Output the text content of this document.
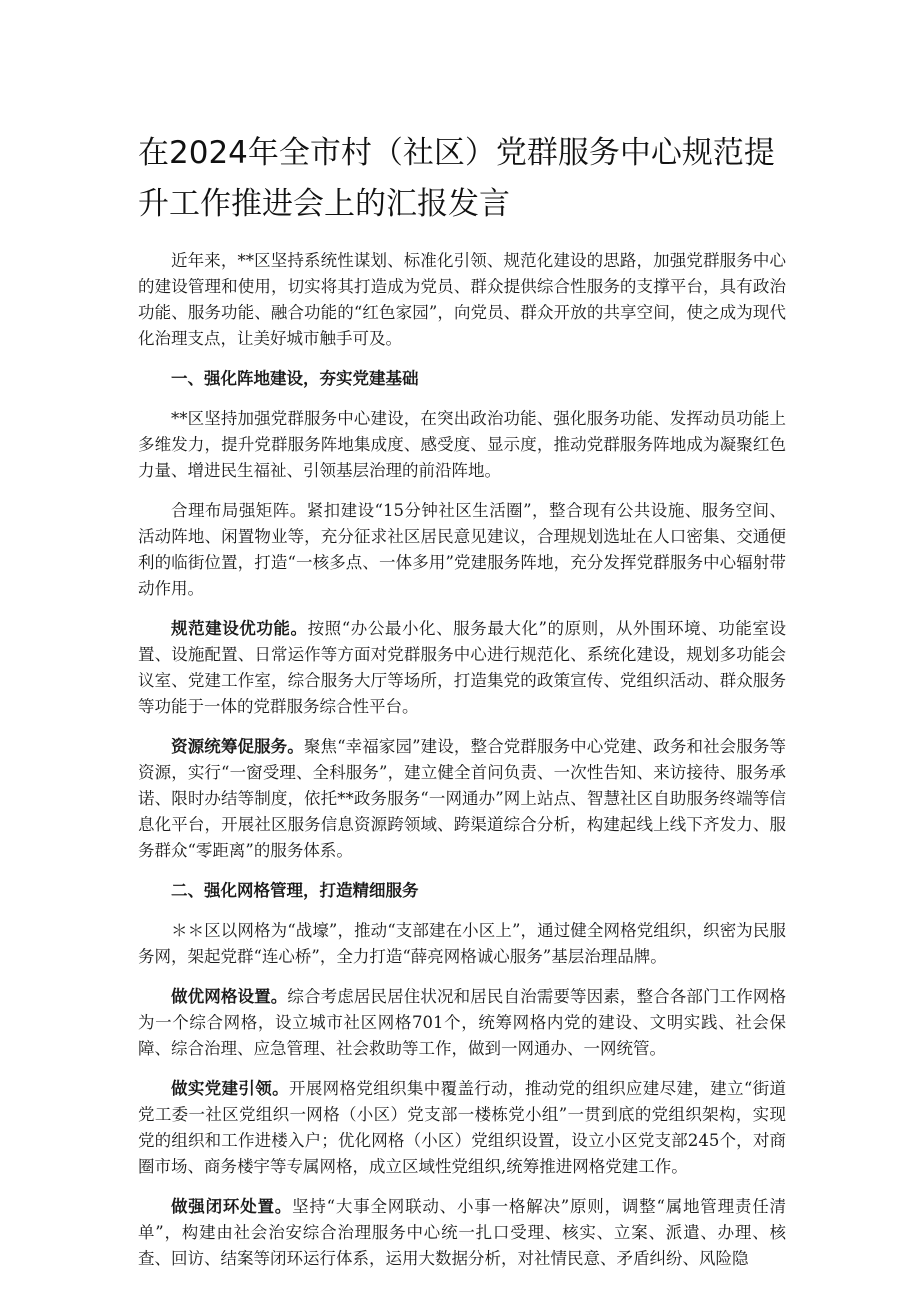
在2024年全市村（社区）党群服务中心规范提升工作推进会上的汇报发言

近年来，**区坚持系统性谋划、标准化引领、规范化建设的思路，加强党群服务中心的建设管理和使用，切实将其打造成为党员、群众提供综合性服务的支撑平台，具有政治功能、服务功能、融合功能的“红色家园”，向党员、群众开放的共享空间，使之成为现代化治理支点，让美好城市触手可及。

一、强化阵地建设，夯实党建基础

**区坚持加强党群服务中心建设，在突出政治功能、强化服务功能、发挥动员功能上多维发力，提升党群服务阵地集成度、感受度、显示度，推动党群服务阵地成为凝聚红色力量、增进民生福祉、引领基层治理的前沿阵地。

合理布局强矩阵。紧扣建设“15分钟社区生活圈”，整合现有公共设施、服务空间、活动阵地、闲置物业等，充分征求社区居民意见建议，合理规划选址在人口密集、交通便利的临街位置，打造“一核多点、一体多用”党建服务阵地，充分发挥党群服务中心辐射带动作用。

规范建设优功能。按照“办公最小化、服务最大化”的原则，从外围环境、功能室设置、设施配置、日常运作等方面对党群服务中心进行规范化、系统化建设，规划多功能会议室、党建工作室，综合服务大厅等场所，打造集党的政策宣传、党组织活动、群众服务等功能于一体的党群服务综合性平台。

资源统筹促服务。聚焦“幸福家园”建设，整合党群服务中心党建、政务和社会服务等资源，实行“一窗受理、全科服务”，建立健全首问负责、一次性告知、来访接待、服务承诺、限时办结等制度，依托**政务服务“一网通办”网上站点、智慧社区自助服务终端等信息化平台，开展社区服务信息资源跨领域、跨渠道综合分析，构建起线上线下齐发力、服务群众“零距离”的服务体系。

二、强化网格管理，打造精细服务

＊＊区以网格为“战壕”，推动“支部建在小区上”，通过健全网格党组织，织密为民服务网，架起党群“连心桥”，全力打造“薛亮网格诚心服务”基层治理品牌。

做优网格设置。综合考虑居民居住状况和居民自治需要等因素，整合各部门工作网格为一个综合网格，设立城市社区网格701个，统筹网格内党的建设、文明实践、社会保障、综合治理、应急管理、社会救助等工作，做到一网通办、一网统管。

做实党建引领。开展网格党组织集中覆盖行动，推动党的组织应建尽建，建立“街道党工委一社区党组织一网格（小区）党支部一楼栋党小组”一贯到底的党组织架构，实现党的组织和工作进楼入户；优化网格（小区）党组织设置，设立小区党支部245个，对商圈市场、商务楼宇等专属网格，成立区域性党组织,统筹推进网格党建工作。

做强闭环处置。坚持“大事全网联动、小事一格解决”原则，调整“属地管理责任清单”，构建由社会治安综合治理服务中心统一扎口受理、核实、立案、派遣、办理、核查、回访、结案等闭环运行体系，运用大数据分析，对社情民意、矛盾纠纷、风险隐
